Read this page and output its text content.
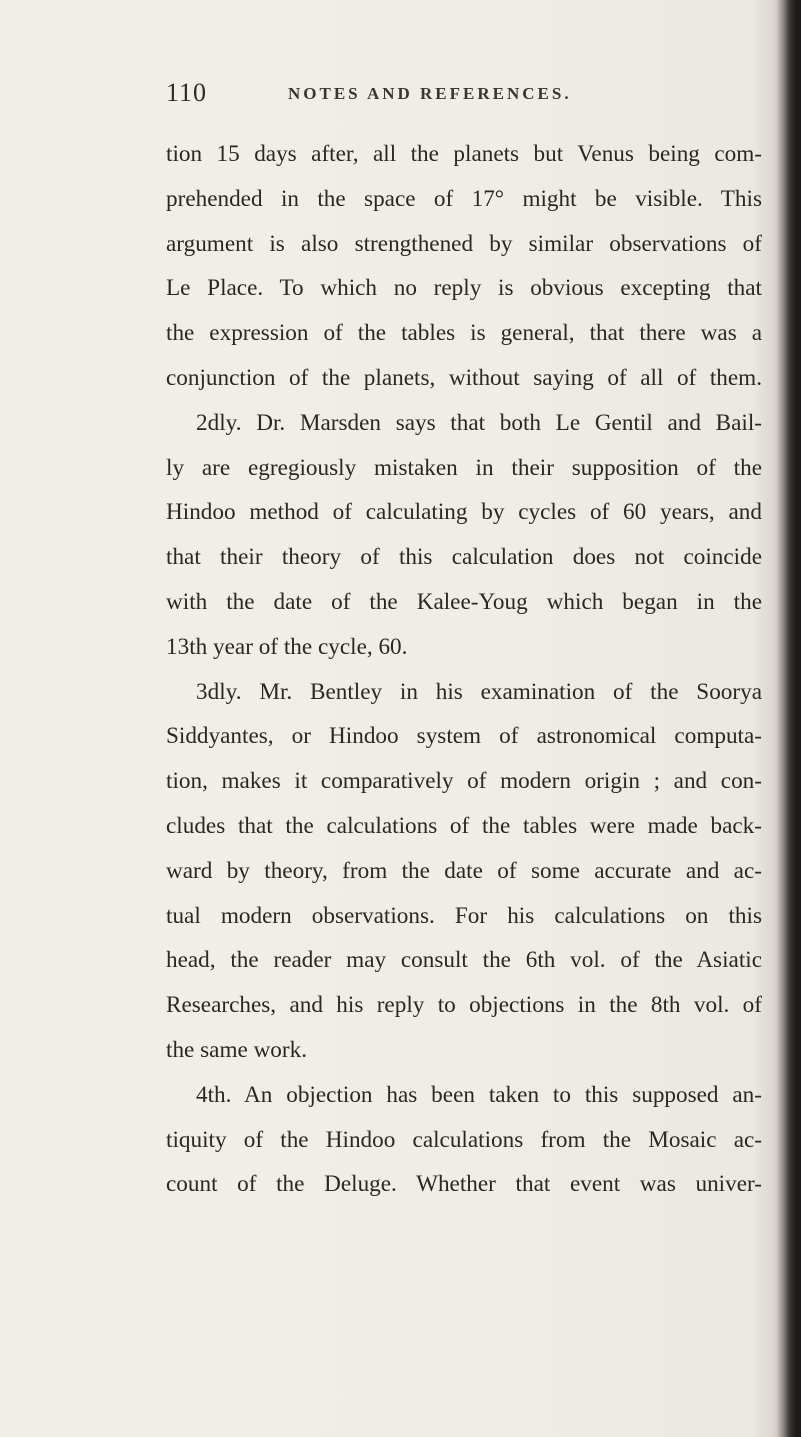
110	NOTES AND REFERENCES.
tion 15 days after, all the planets but Venus being com-
prehended in the space of 17° might be visible. This
argument is also strengthened by similar observations of
Le Place. To which no reply is obvious excepting that
the expression of the tables is general, that there was a
conjunction of the planets, without saying of all of them.
2dly. Dr. Marsden says that both Le Gentil and Bail-
ly are egregiously mistaken in their supposition of the
Hindoo method of calculating by cycles of 60 years, and
that their theory of this calculation does not coincide
with the date of the Kalee-Youg which began in the
13th year of the cycle, 60.
3dly. Mr. Bentley in his examination of the Soorya
Siddyantes, or Hindoo system of astronomical computa-
tion, makes it comparatively of modern origin ; and con-
cludes that the calculations of the tables were made back-
ward by theory, from the date of some accurate and ac-
tual modern observations. For his calculations on this
head, the reader may consult the 6th vol. of the Asiatic
Researches, and his reply to objections in the 8th vol. of
the same work.
4th. An objection has been taken to this supposed an-
tiquity of the Hindoo calculations from the Mosaic ac-
count of the Deluge. Whether that event was univer-
